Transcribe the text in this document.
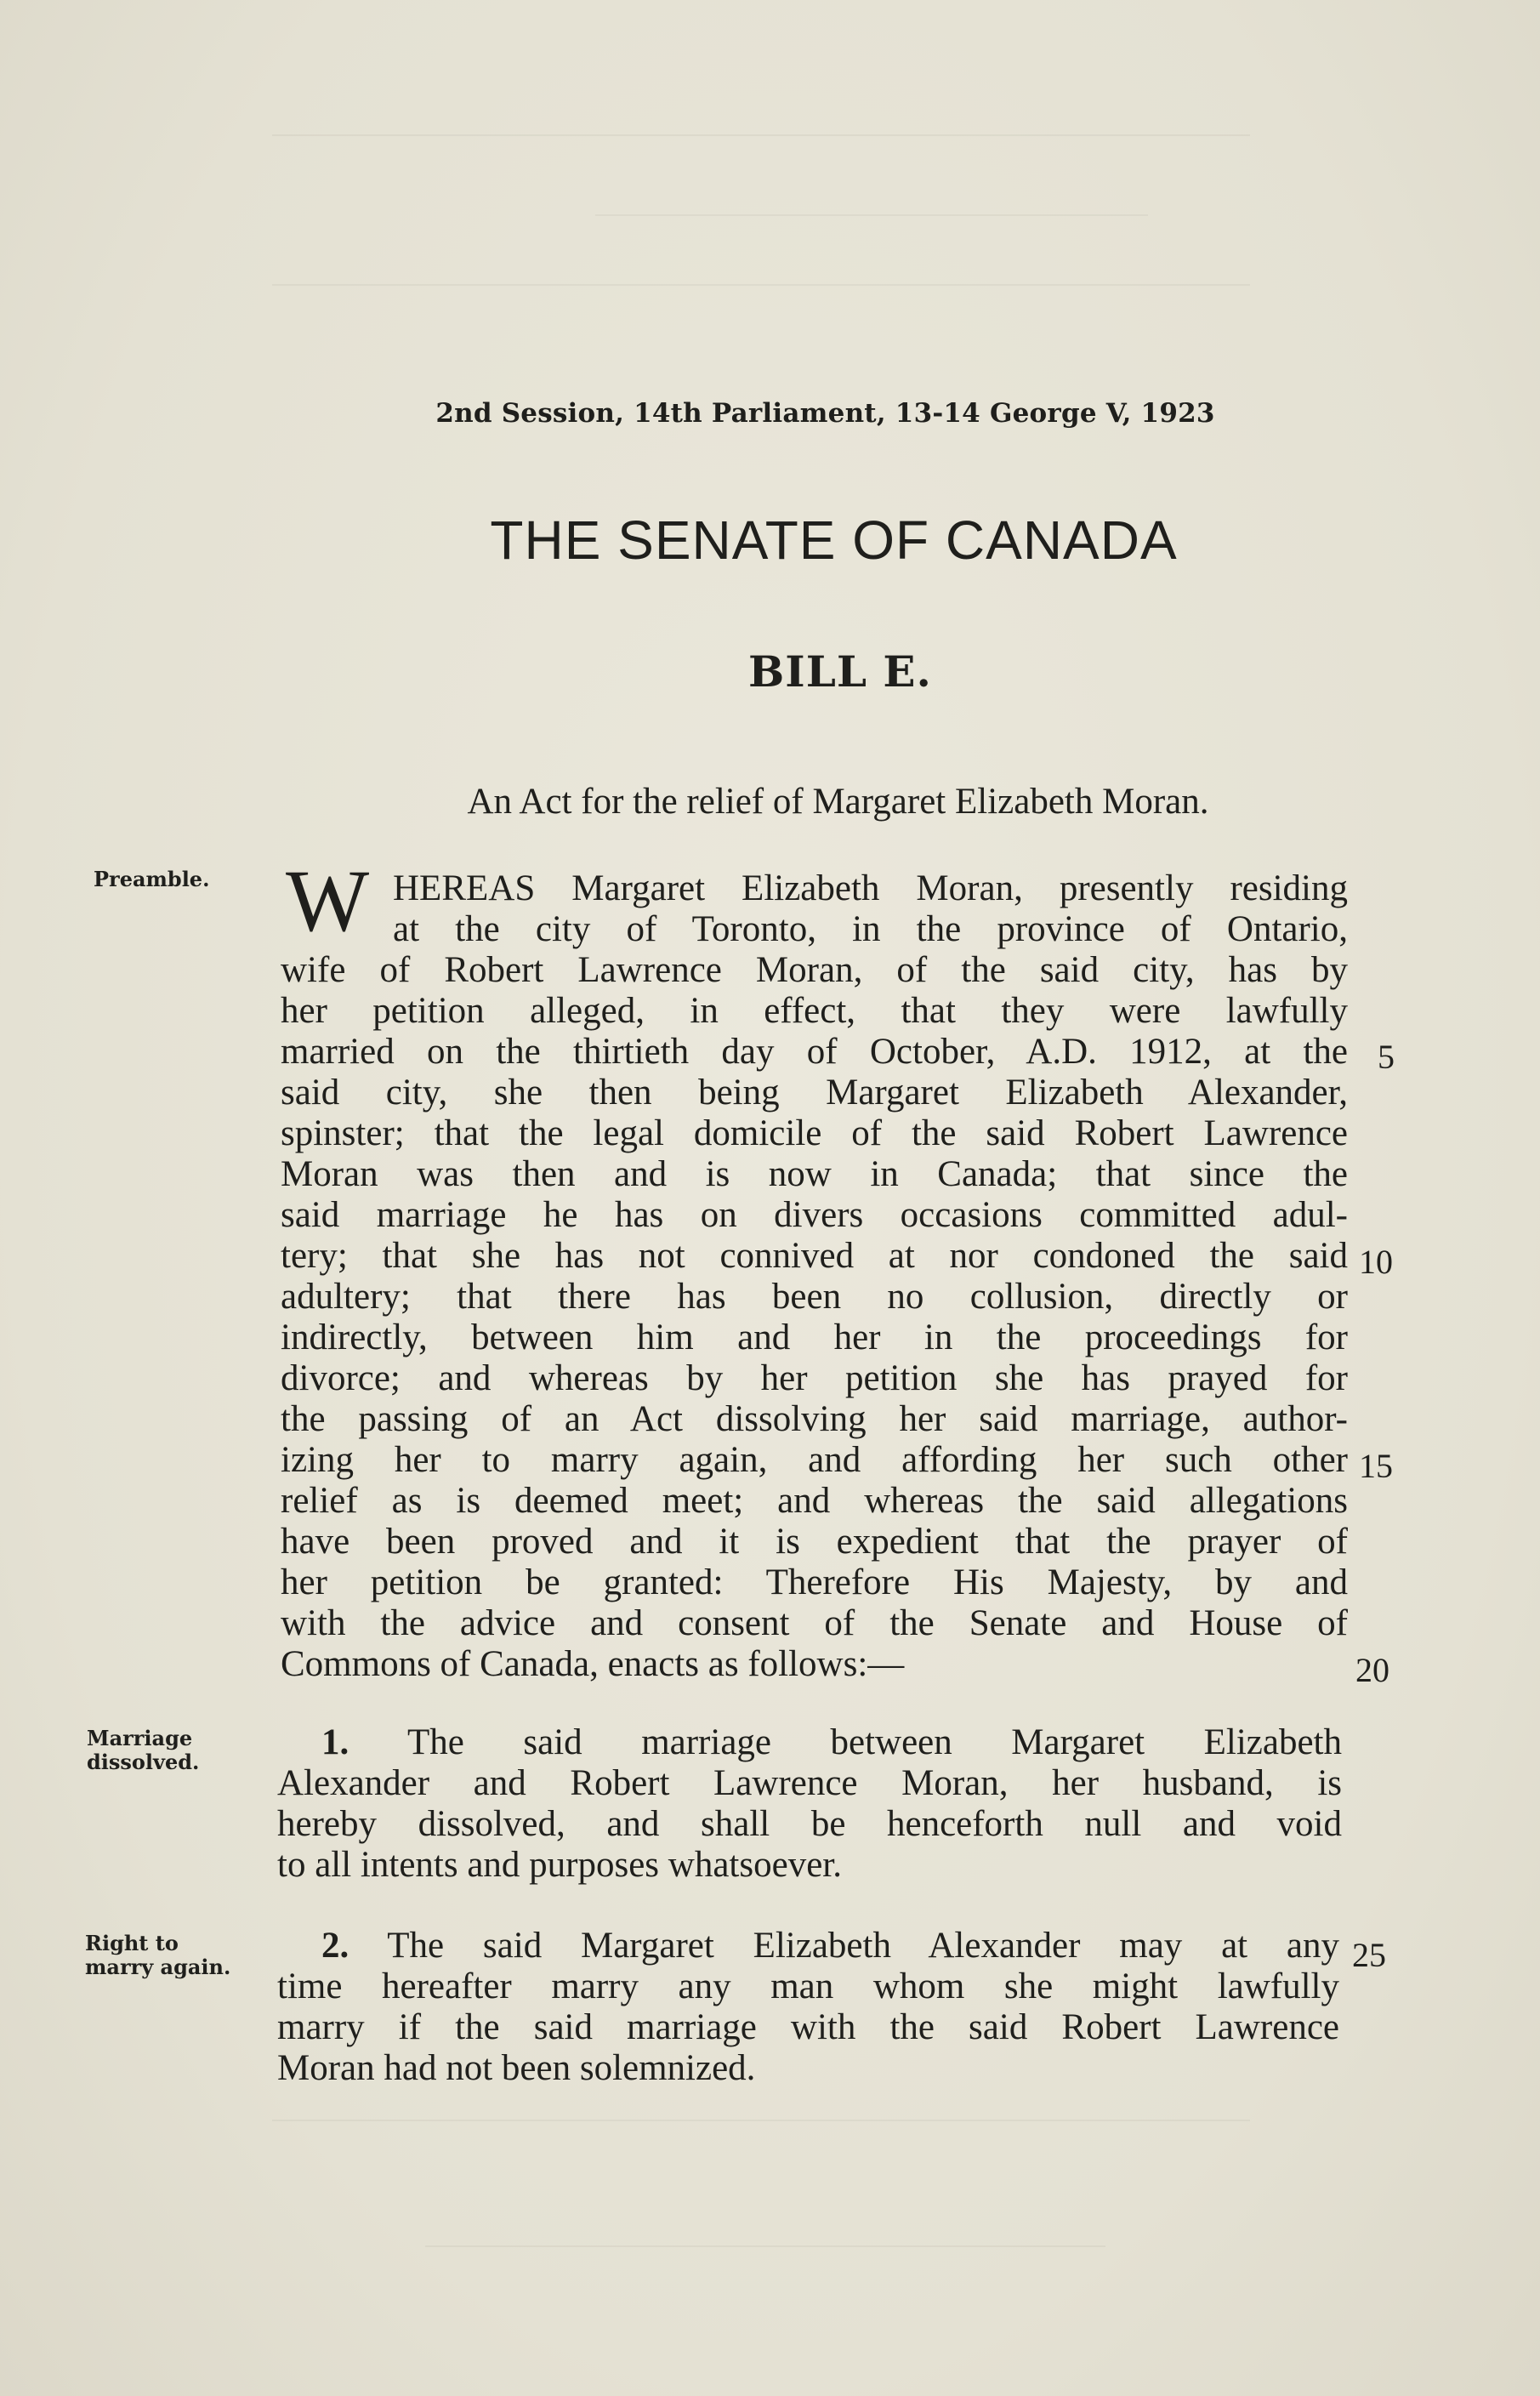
2nd Session, 14th Parliament, 13-14 George V, 1923
THE SENATE OF CANADA
BILL E.
An Act for the relief of Margaret Elizabeth Moran.
Preamble.
Marriage
dissolved.
Right to
marry again.
W HEREAS Margaret Elizabeth Moran, presently residing
at the city of Toronto, in the province of Ontario,
wife of Robert Lawrence Moran, of the said city, has by
her petition alleged, in effect, that they were lawfully
married on the thirtieth day of October, A.D. 1912, at the
said city, she then being Margaret Elizabeth Alexander,
spinster; that the legal domicile of the said Robert Lawrence
Moran was then and is now in Canada; that since the
said marriage he has on divers occasions committed adul-
tery; that she has not connived at nor condoned the said
adultery; that there has been no collusion, directly or
indirectly, between him and her in the proceedings for
divorce; and whereas by her petition she has prayed for
the passing of an Act dissolving her said marriage, author-
izing her to marry again, and affording her such other
relief as is deemed meet; and whereas the said allegations
have been proved and it is expedient that the prayer of
her petition be granted: Therefore His Majesty, by and
with the advice and consent of the Senate and House of
Commons of Canada, enacts as follows:—
1. The said marriage between Margaret Elizabeth
Alexander and Robert Lawrence Moran, her husband, is
hereby dissolved, and shall be henceforth null and void
to all intents and purposes whatsoever.
2. The said Margaret Elizabeth Alexander may at any
time hereafter marry any man whom she might lawfully
marry if the said marriage with the said Robert Lawrence
Moran had not been solemnized.
5
10
15
20
25
